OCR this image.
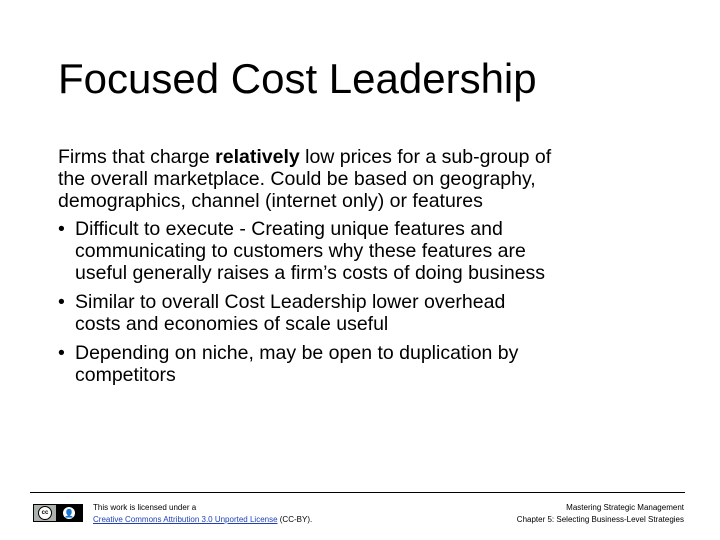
Focused Cost Leadership

Firms that charge relatively low prices for a sub-group of
the overall marketplace. Could be based on geography,
demographics, channel (internet only) or features

• Difficult to execute - Creating unique features and
communicating to customers why these features are
useful generally raises a firm’s costs of doing business
• Similar to overall Cost Leadership lower overhead
costs and economies of scale useful
• Depending on niche, may be open to duplication by
competitors
cc	👤
This work is licensed under a
Creative Commons Attribution 3.0 Unported License (CC-BY).
Mastering Strategic Management
Chapter 5: Selecting Business-Level Strategies
